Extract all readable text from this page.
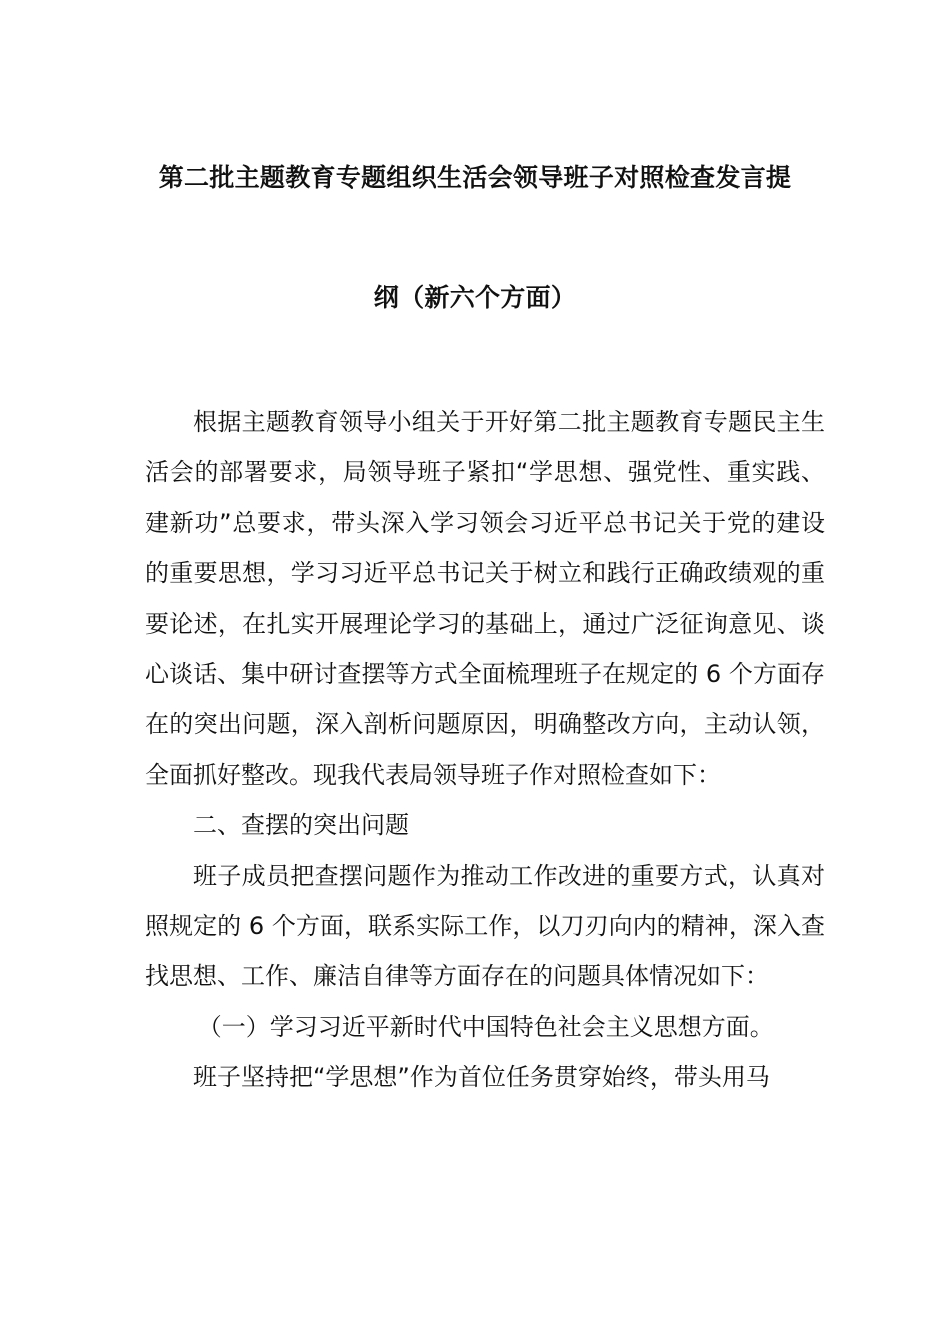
第二批主题教育专题组织生活会领导班子对照检查发言提
纲（新六个方面）

根据主题教育领导小组关于开好第二批主题教育专题民主生活会的部署要求，局领导班子紧扣“学思想、强党性、重实践、建新功”总要求，带头深入学习领会习近平总书记关于党的建设的重要思想，学习习近平总书记关于树立和践行正确政绩观的重要论述，在扎实开展理论学习的基础上，通过广泛征询意见、谈心谈话、集中研讨查摆等方式全面梳理班子在规定的 6 个方面存在的突出问题，深入剖析问题原因，明确整改方向，主动认领，全面抓好整改。现我代表局领导班子作对照检查如下：

二、查摆的突出问题

班子成员把查摆问题作为推动工作改进的重要方式，认真对照规定的 6 个方面，联系实际工作，以刀刃向内的精神，深入查找思想、工作、廉洁自律等方面存在的问题具体情况如下：

（一）学习习近平新时代中国特色社会主义思想方面。

班子坚持把“学思想”作为首位任务贯穿始终，带头用马
